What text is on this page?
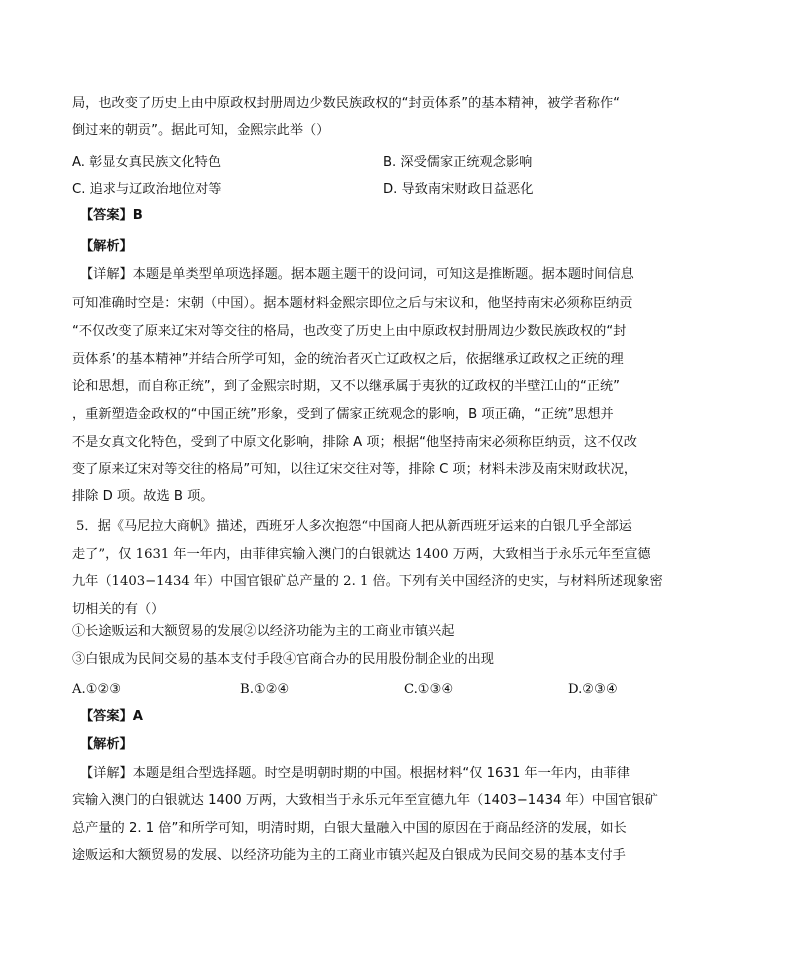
局，也改变了历史上由中原政权封册周边少数民族政权的“封贡体系”的基本精神，被学者称作“
倒过来的朝贡”。据此可知，金熙宗此举（）
A. 彰显女真民族文化特色	B. 深受儒家正统观念影响
C. 追求与辽政治地位对等	D. 导致南宋财政日益恶化
【答案】B
【解析】
【详解】本题是单类型单项选择题。据本题主题干的设问词，可知这是推断题。据本题时间信息
可知准确时空是：宋朝（中国）。据本题材料金熙宗即位之后与宋议和，他坚持南宋必须称臣纳贡
“不仅改变了原来辽宋对等交往的格局，也改变了历史上由中原政权封册周边少数民族政权的“封
贡体系’的基本精神”并结合所学可知，金的统治者灭亡辽政权之后，依据继承辽政权之正统的理
论和思想，而自称正统”，到了金熙宗时期，又不以继承属于夷狄的辽政权的半壁江山的“正统”
，重新塑造金政权的“中国正统”形象，受到了儒家正统观念的影响，B 项正确，“正统”思想并
不是女真文化特色，受到了中原文化影响，排除 A 项；根据“他坚持南宋必须称臣纳贡，这不仅改
变了原来辽宋对等交往的格局”可知，以往辽宋交往对等，排除 C 项；材料未涉及南宋财政状况，
排除 D 项。故选 B 项。
5．据《马尼拉大商帆》描述，西班牙人多次抱怨“中国商人把从新西班牙运来的白银几乎全部运
走了”，仅 1631 年一年内，由菲律宾输入澳门的白银就达 1400 万两，大致相当于永乐元年至宣德
九年（1403−1434 年）中国官银矿总产量的 2. 1 倍。下列有关中国经济的史实，与材料所述现象密
切相关的有（）
①长途贩运和大额贸易的发展②以经济功能为主的工商业市镇兴起
③白银成为民间交易的基本支付手段④官商合办的民用股份制企业的出现
A.①②③	B.①②④	C.①③④	D.②③④
【答案】A
【解析】
【详解】本题是组合型选择题。时空是明朝时期的中国。根据材料“仅 1631 年一年内，由菲律
宾输入澳门的白银就达 1400 万两，大致相当于永乐元年至宣德九年（1403−1434 年）中国官银矿
总产量的 2. 1 倍”和所学可知，明清时期，白银大量融入中国的原因在于商品经济的发展，如长
途贩运和大额贸易的发展、以经济功能为主的工商业市镇兴起及白银成为民间交易的基本支付手
